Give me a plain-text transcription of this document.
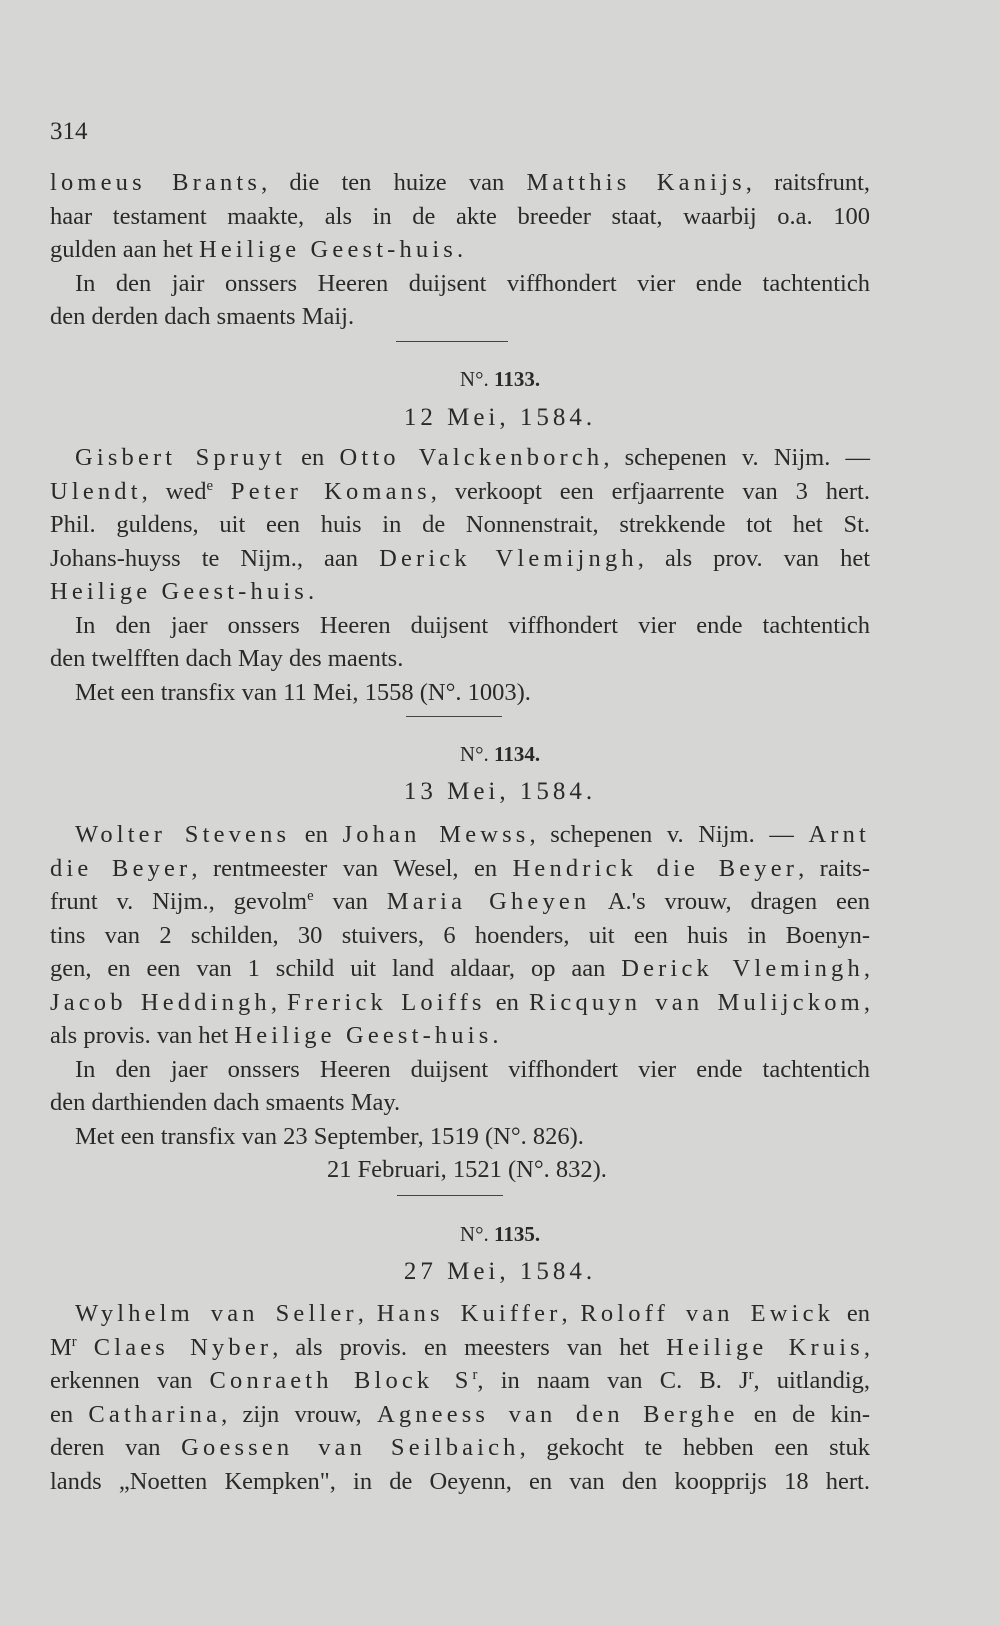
314
lomeus Brants, die ten huize van Matthis Kanijs, raitsfrunt,
haar testament maakte, als in de akte breeder staat, waarbij o.a. 100
gulden aan het Heilige Geest-huis.
In den jair onssers Heeren duijsent viffhondert vier ende tachtentich
den derden dach smaents Maij.
N°. 1133.
12 Mei, 1584.
Gisbert Spruyt en Otto Valckenborch, schepenen v. Nijm. —
Ulendt, wed$^e$ Peter Komans, verkoopt een erfjaarrente van 3 hert.
Phil. guldens, uit een huis in de Nonnenstrait, strekkende tot het St.
Johans-huyss te Nijm., aan Derick Vlemijngh, als prov. van het
Heilige Geest-huis.
In den jaer onssers Heeren duijsent viffhondert vier ende tachtentich
den twelfften dach May des maents.
Met een transfix van 11 Mei, 1558 (N°. 1003).
N°. 1134.
13 Mei, 1584.
Wolter Stevens en Johan Mewss, schepenen v. Nijm. — Arnt
die Beyer, rentmeester van Wesel, en Hendrick die Beyer, raits-
frunt v. Nijm., gevolm$^e$ van Maria Gheyen A.'s vrouw, dragen een
tins van 2 schilden, 30 stuivers, 6 hoenders, uit een huis in Boenyn-
gen, en een van 1 schild uit land aldaar, op aan Derick Vlemingh,
Jacob Heddingh, Frerick Loiffs en Ricquyn van Mulijckom,
als provis. van het Heilige Geest-huis.
In den jaer onssers Heeren duijsent viffhondert vier ende tachtentich
den darthienden dach smaents May.
Met een transfix van 23 September, 1519 (N°. 826).
21 Februari, 1521 (N°. 832).
N°. 1135.
27 Mei, 1584.
Wylhelm van Seller, Hans Kuiffer, Roloff van Ewick en
$M^r$ Claes Nyber, als provis. en meesters van het Heilige Kruis,
erkennen van Conraeth Block $S^r$, in naam van C. B. $J^r$, uitlandig,
en Catharina, zijn vrouw, Agneess van den Berghe en de kin-
deren van Goessen van Seilbaich, gekocht te hebben een stuk
lands „Noetten Kempken", in de Oeyenn, en van den koopprijs 18 hert.
